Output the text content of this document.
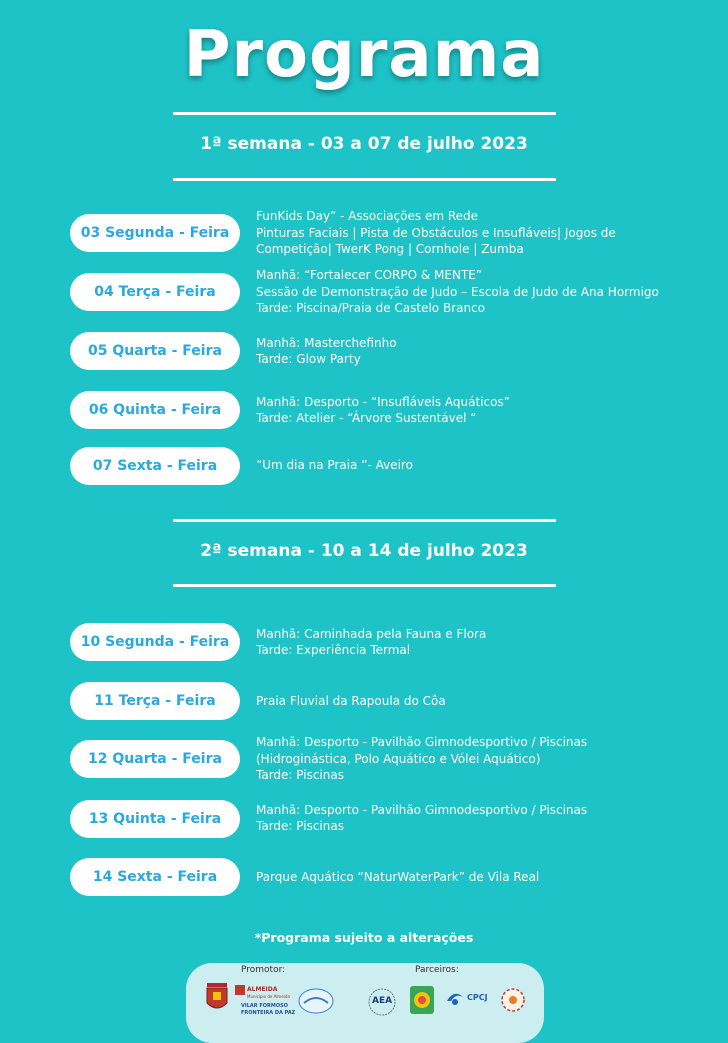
Programa
1ª semana - 03 a 07 de julho 2023
03 Segunda - Feira
FunKids Day” - Associações em Rede
Pinturas Faciais | Pista de Obstáculos e Insufláveis| Jogos de
Competição| TwerK Pong | Cornhole | Zumba
04 Terça - Feira
Manhã: “Fortalecer CORPO & MENTE”
Sessão de Demonstração de Judo – Escola de Judo de Ana Hormigo
Tarde: Piscina/Praia de Castelo Branco
05 Quarta - Feira
Manhã: Masterchefinho
Tarde: Glow Party
06 Quinta - Feira
Manhã: Desporto - “Insufláveis Aquáticos”
Tarde: Atelier - “Árvore Sustentável “
07 Sexta - Feira	“Um dia na Praia ”- Aveiro
2ª semana - 10 a 14 de julho 2023
10 Segunda - Feira
Manhã: Caminhada pela Fauna e Flora
Tarde: Experiência Termal
11 Terça - Feira	Praia Fluvial da Rapoula do Côa
12 Quarta - Feira
Manhã: Desporto - Pavilhão Gimnodesportivo / Piscinas
(Hidroginástica, Polo Aquático e Vólei Aquático)
Tarde: Piscinas
13 Quinta - Feira
Manhã: Desporto - Pavilhão Gimnodesportivo / Piscinas
Tarde: Piscinas
14 Sexta - Feira	Parque Aquático “NaturWaterPark” de Vila Real
*Programa sujeito a alterações
Promotor:	Parceiros:
ALMEIDA
Município de Almeida
VILAR FORMOSO
FRONTEIRA DA PAZ
AEA	CPCJ
